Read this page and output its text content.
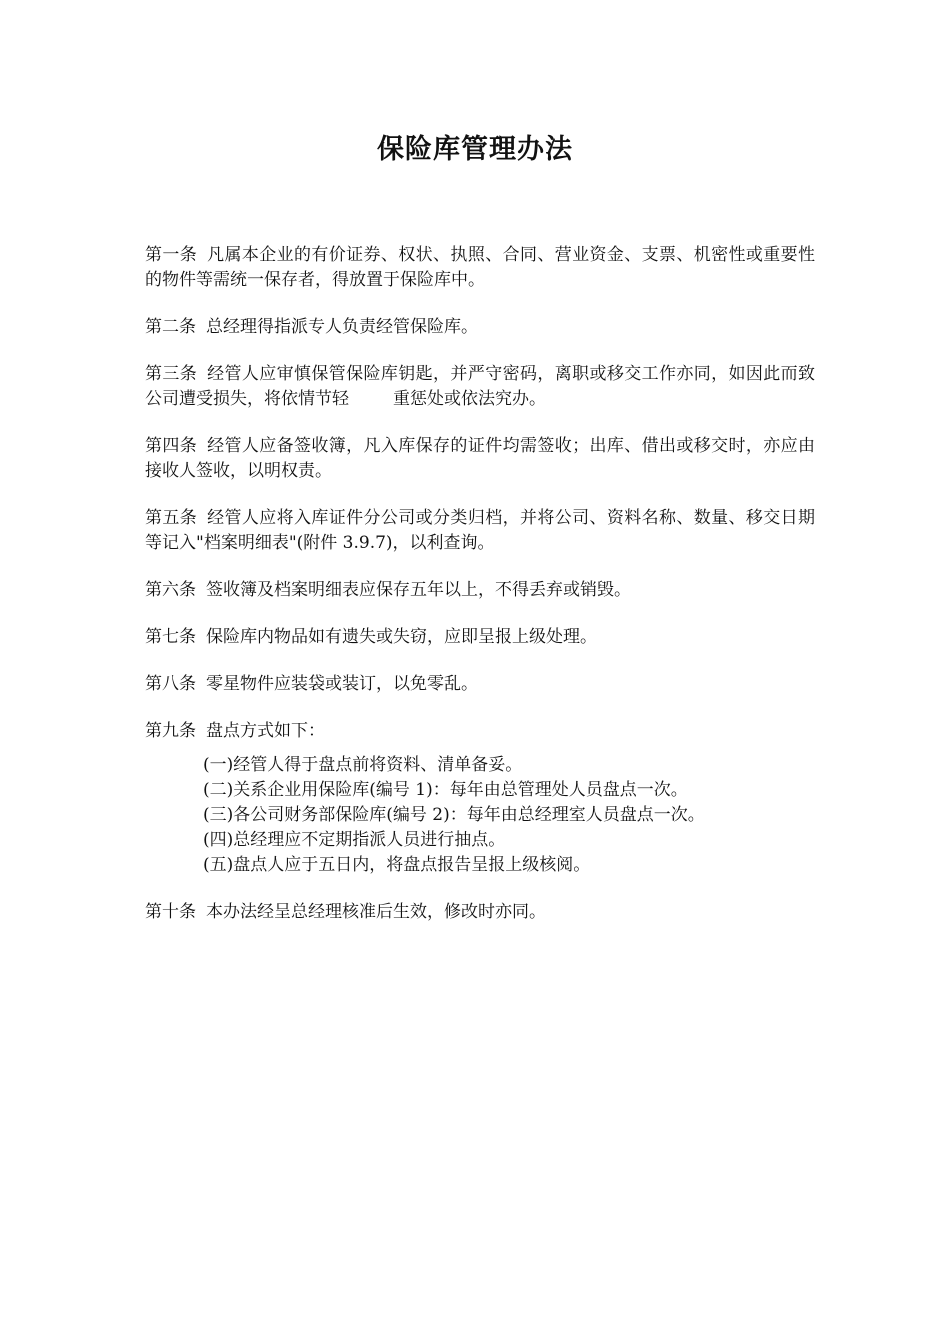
保险库管理办法

第一条 凡属本企业的有价证券、权状、执照、合同、营业资金、支票、机密性或重要性的物件等需统一保存者，得放置于保险库中。

第二条 总经理得指派专人负责经管保险库。

第三条 经管人应审慎保管保险库钥匙，并严守密码，离职或移交工作亦同，如因此而致公司遭受损失，将依情节轻	重惩处或依法究办。

第四条 经管人应备签收簿，凡入库保存的证件均需签收；出库、借出或移交时，亦应由接收人签收，以明权责。

第五条 经管人应将入库证件分公司或分类归档，并将公司、资料名称、数量、移交日期等记入"档案明细表"(附件 3.9.7)，以利查询。

第六条 签收簿及档案明细表应保存五年以上，不得丢弃或销毁。

第七条 保险库内物品如有遗失或失窃，应即呈报上级处理。

第八条 零星物件应装袋或装订，以免零乱。

第九条 盘点方式如下：

(一)经管人得于盘点前将资料、清单备妥。
(二)关系企业用保险库(编号 1)：每年由总管理处人员盘点一次。
(三)各公司财务部保险库(编号 2)：每年由总经理室人员盘点一次。
(四)总经理应不定期指派人员进行抽点。
(五)盘点人应于五日内，将盘点报告呈报上级核阅。

第十条 本办法经呈总经理核准后生效，修改时亦同。
